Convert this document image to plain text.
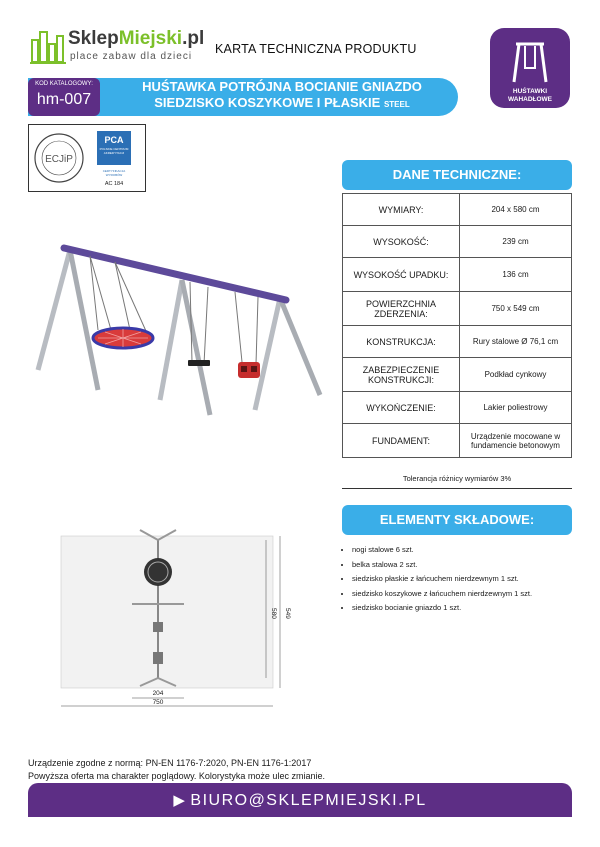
SklepMiejski.pl
place zabaw dla dzieci
KARTA TECHNICZNA PRODUKTU
HUŚTAWKI
WAHADŁOWE
KOD KATALOGOWY:
hm-007
HUŚTAWKA POTRÓJNA BOCIANIE GNIAZDO
SIEDZISKO KOSZYKOWE I PŁASKIE STEEL
ECJiP
PCA
POLSKIE CENTRUM
AKREDYTACJI
CERTYFIKACJA
WYROBÓW
AC 184
DANE TECHNICZNE:
WYMIARY:	204 x 580 cm
WYSOKOŚĆ:	239 cm
WYSOKOŚĆ UPADKU:	136 cm
POWIERZCHNIA ZDERZENIA:	750 x 549 cm
KONSTRUKCJA:	Rury stalowe Ø 76,1 cm
ZABEZPIECZENIE KONSTRUKCJI:	Podkład cynkowy
WYKOŃCZENIE:	Lakier poliestrowy
FUNDAMENT:	Urządzenie mocowane w fundamencie betonowym
Tolerancja różnicy wymiarów 3%
ELEMENTY SKŁADOWE:
• nogi stalowe 6 szt.
• belka stalowa 2 szt.
• siedzisko płaskie z łańcuchem nierdzewnym 1 szt.
• siedzisko koszykowe z łańcuchem nierdzewnym 1 szt.
• siedzisko bocianie gniazdo 1 szt.
204
750
580 549
Urządzenie zgodne z normą: PN-EN 1176-7:2020, PN-EN 1176-1:2017
Powyższa oferta ma charakter poglądowy. Kolorystyka może ulec zmianie.
▶ BIURO@SKLEPMIEJSKI.PL
